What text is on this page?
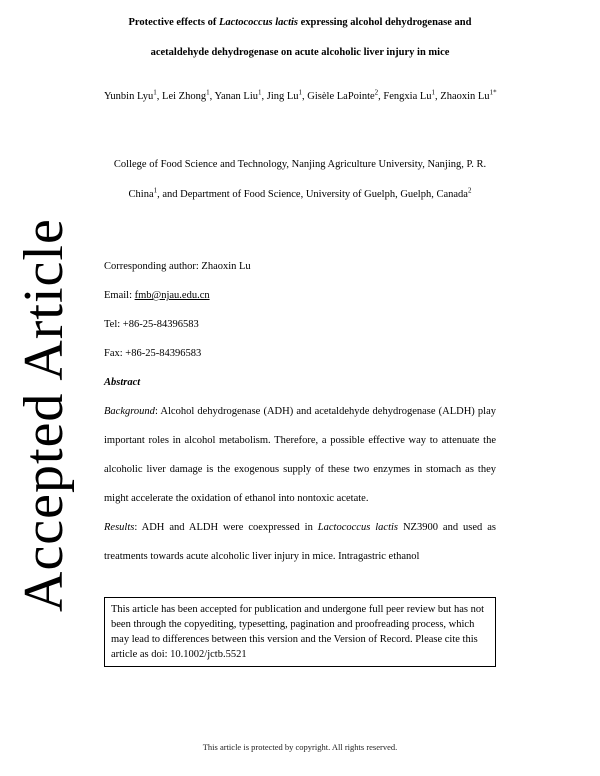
Accepted Article

Protective effects of Lactococcus lactis expressing alcohol dehydrogenase and acetaldehyde dehydrogenase on acute alcoholic liver injury in mice

Yunbin Lyu$^1$, Lei Zhong$^1$, Yanan Liu$^1$, Jing Lu$^1$, Gisèle LaPointe$^2$, Fengxia Lu$^1$, Zhaoxin $Lu^{1*}$

College of Food Science and Technology, Nanjing Agriculture University, Nanjing, P. R. China$^1$, and Department of Food Science, University of Guelph, Guelph, Canada$^2$

Corresponding author: Zhaoxin Lu

Email: fmb@njau.edu.cn

Tel: +86-25-84396583

Fax: +86-25-84396583

Abstract

Background: Alcohol dehydrogenase (ADH) and acetaldehyde dehydrogenase (ALDH) play important roles in alcohol metabolism. Therefore, a possible effective way to attenuate the alcoholic liver damage is the exogenous supply of these two enzymes in stomach as they might accelerate the oxidation of ethanol into nontoxic acetate.

Results: ADH and ALDH were coexpressed in Lactococcus lactis NZ3900 and used as treatments towards acute alcoholic liver injury in mice. Intragastric ethanol

This article has been accepted for publication and undergone full peer review but has not been through the copyediting, typesetting, pagination and proofreading process, which may lead to differences between this version and the Version of Record. Please cite this article as doi: 10.1002/jctb.5521
This article is protected by copyright. All rights reserved.
